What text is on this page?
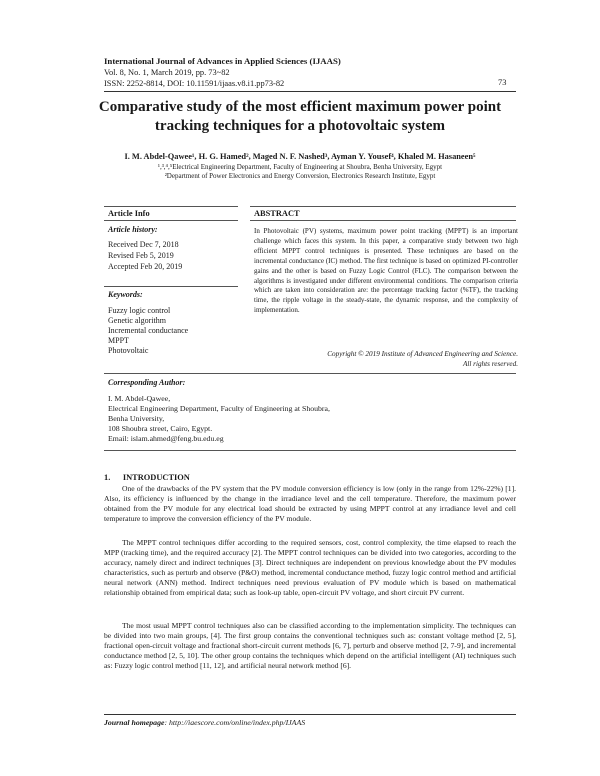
International Journal of Advances in Applied Sciences (IJAAS)
Vol. 8, No. 1, March 2019, pp. 73~82
ISSN: 2252-8814, DOI: 10.11591/ijaas.v8.i1.pp73-82	73
Comparative study of the most efficient maximum power point tracking techniques for a photovoltaic system
I. M. Abdel-Qawee¹, H. G. Hamed², Maged N. F. Nashed³, Ayman Y. Yousef⁴, Khaled M. Hasaneen⁵
¹,³,⁴,⁵Electrical Engineering Department, Faculty of Engineering at Shoubra, Benha University, Egypt
²Department of Power Electronics and Energy Conversion, Electronics Research Institute, Egypt
Article Info	ABSTRACT
Article history:
Received Dec 7, 2018
Revised Feb 5, 2019
Accepted Feb 20, 2019
Keywords:
Fuzzy logic control
Genetic algorithm
Incremental conductance
MPPT
Photovoltaic
In Photovoltaic (PV) systems, maximum power point tracking (MPPT) is an important challenge which faces this system. In this paper, a comparative study between two high efficient MPPT control techniques is presented. These techniques are based on the incremental conductance (IC) method. The first technique is based on optimized PI-controller gains and the other is based on Fuzzy Logic Control (FLC). The comparison between the algorithms is investigated under different environmental conditions. The comparison criteria which are taken into consideration are: the percentage tracking factor (%TF), the tracking time, the ripple voltage in the steady-state, the dynamic response, and the complexity of implementation.
Copyright © 2019 Institute of Advanced Engineering and Science.
All rights reserved.
Corresponding Author:
I. M. Abdel-Qawee,
Electrical Engineering Department, Faculty of Engineering at Shoubra,
Benha University,
108 Shoubra street, Cairo, Egypt.
Email: islam.ahmed@feng.bu.edu.eg
1.      INTRODUCTION
One of the drawbacks of the PV system that the PV module conversion efficiency is low (only in the range from 12%-22%) [1]. Also, its efficiency is influenced by the change in the irradiance level and the cell temperature. Therefore, the maximum power obtained from the PV module for any electrical load should be extracted by using MPPT control at any irradiance level and cell temperature to improve the conversion efficiency of the PV module.
The MPPT control techniques differ according to the required sensors, cost, control complexity, the time elapsed to reach the MPP (tracking time), and the required accuracy [2]. The MPPT control techniques can be divided into two categories, according to the accuracy, namely direct and indirect techniques [3]. Direct techniques are independent on previous knowledge about the PV modules characteristics, such as perturb and observe (P&O) method, incremental conductance method, fuzzy logic control method and artificial neural network (ANN) method. Indirect techniques need previous evaluation of PV module which is based on mathematical relationship obtained from empirical data; such as look-up table, open-circuit PV voltage, and short circuit PV current.
The most usual MPPT control techniques also can be classified according to the implementation simplicity. The techniques can be divided into two main groups, [4]. The first group contains the conventional techniques such as: constant voltage method [2, 5], fractional open-circuit voltage and fractional short-circuit current methods [6, 7], perturb and observe method [2, 7-9], and incremental conductance method [2, 5, 10]. The other group contains the techniques which depend on the artificial intelligent (AI) techniques such as: Fuzzy logic control method [11, 12], and artificial neural network method [6].
Journal homepage: http://iaescore.com/online/index.php/IJAAS
